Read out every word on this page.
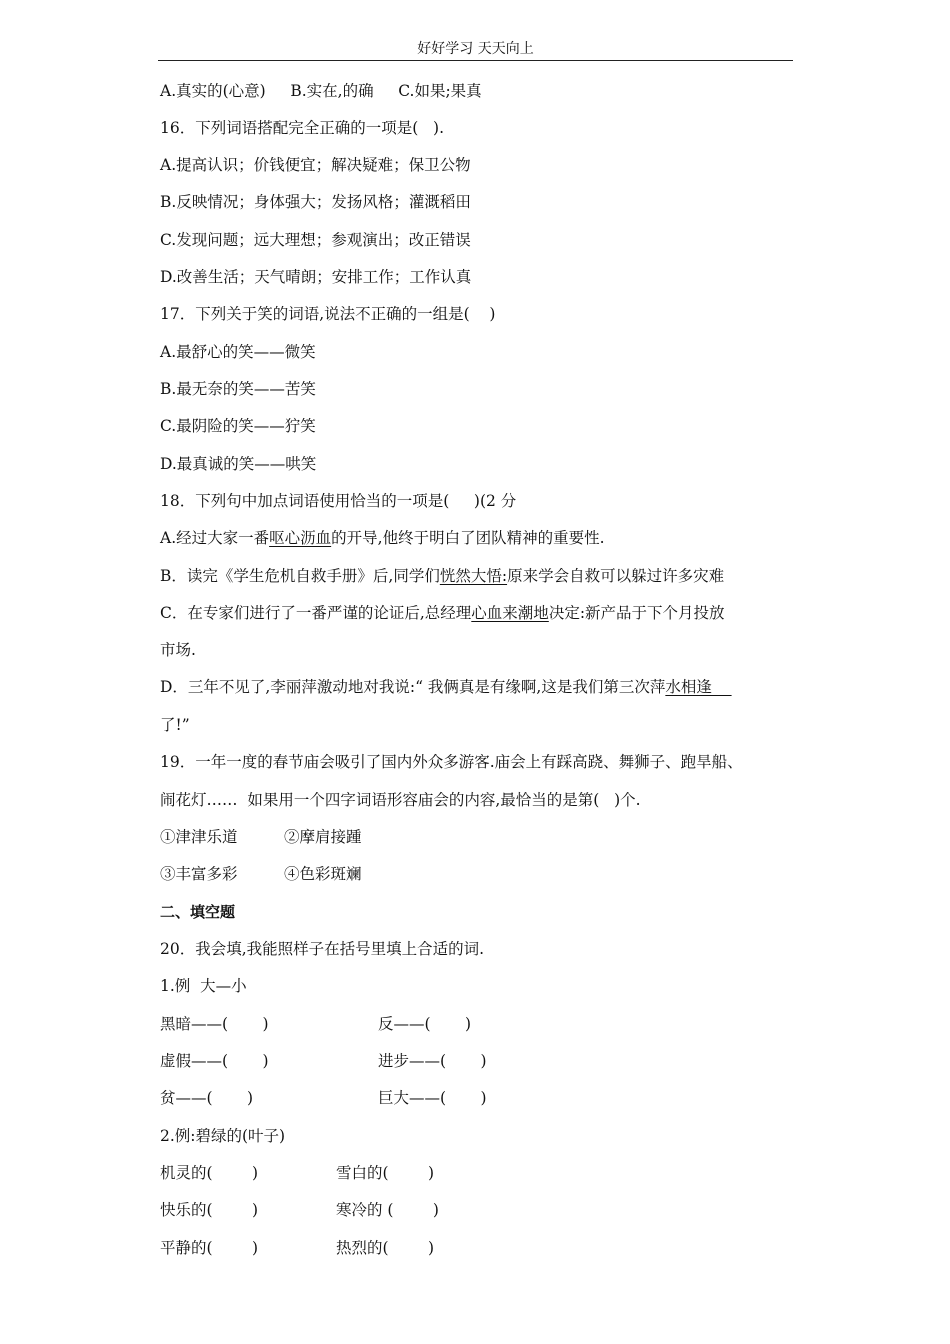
好好学习 天天向上
A.真实的(心意)     B.实在,的确     C.如果;果真
16．下列词语搭配完全正确的一项是(   ).
A.提高认识；价钱便宜；解决疑难；保卫公物
B.反映情况；身体强大；发扬风格；灌溉稻田
C.发现问题；远大理想；参观演出；改正错误
D.改善生活；天气晴朗；安排工作；工作认真
17．下列关于笑的词语,说法不正确的一组是(    )
A.最舒心的笑——微笑
B.最无奈的笑——苦笑
C.最阴险的笑——狞笑
D.最真诚的笑——哄笑
18．下列句中加点词语使用恰当的一项是(     )(2 分
A.经过大家一番呕心沥血的开导,他终于明白了团队精神的重要性.
B．读完《学生危机自救手册》后,同学们恍然大悟:原来学会自救可以躲过许多灾难
C．在专家们进行了一番严谨的论证后,总经理心血来潮地决定:新产品于下个月投放
市场.
D．三年不见了,李丽萍激动地对我说:“ 我俩真是有缘啊,这是我们第三次萍水相逢
了!”
19．一年一度的春节庙会吸引了国内外众多游客.庙会上有踩高跷、舞狮子、跑旱船、
闹花灯……  如果用一个四字词语形容庙会的内容,最恰当的是第(   )个.
①津津乐道	②摩肩接踵
③丰富多彩	④色彩斑斓
二、填空题
20．我会填,我能照样子在括号里填上合适的词.
1.例  大—小
黑暗——(       )	反——(       )
虚假——(       )	进步——(       )
贫——(       )	巨大——(       )
2.例:碧绿的(叶子)
机灵的(        )	雪白的(        )
快乐的(        )	寒冷的 (        )
平静的(        )	热烈的(        )
